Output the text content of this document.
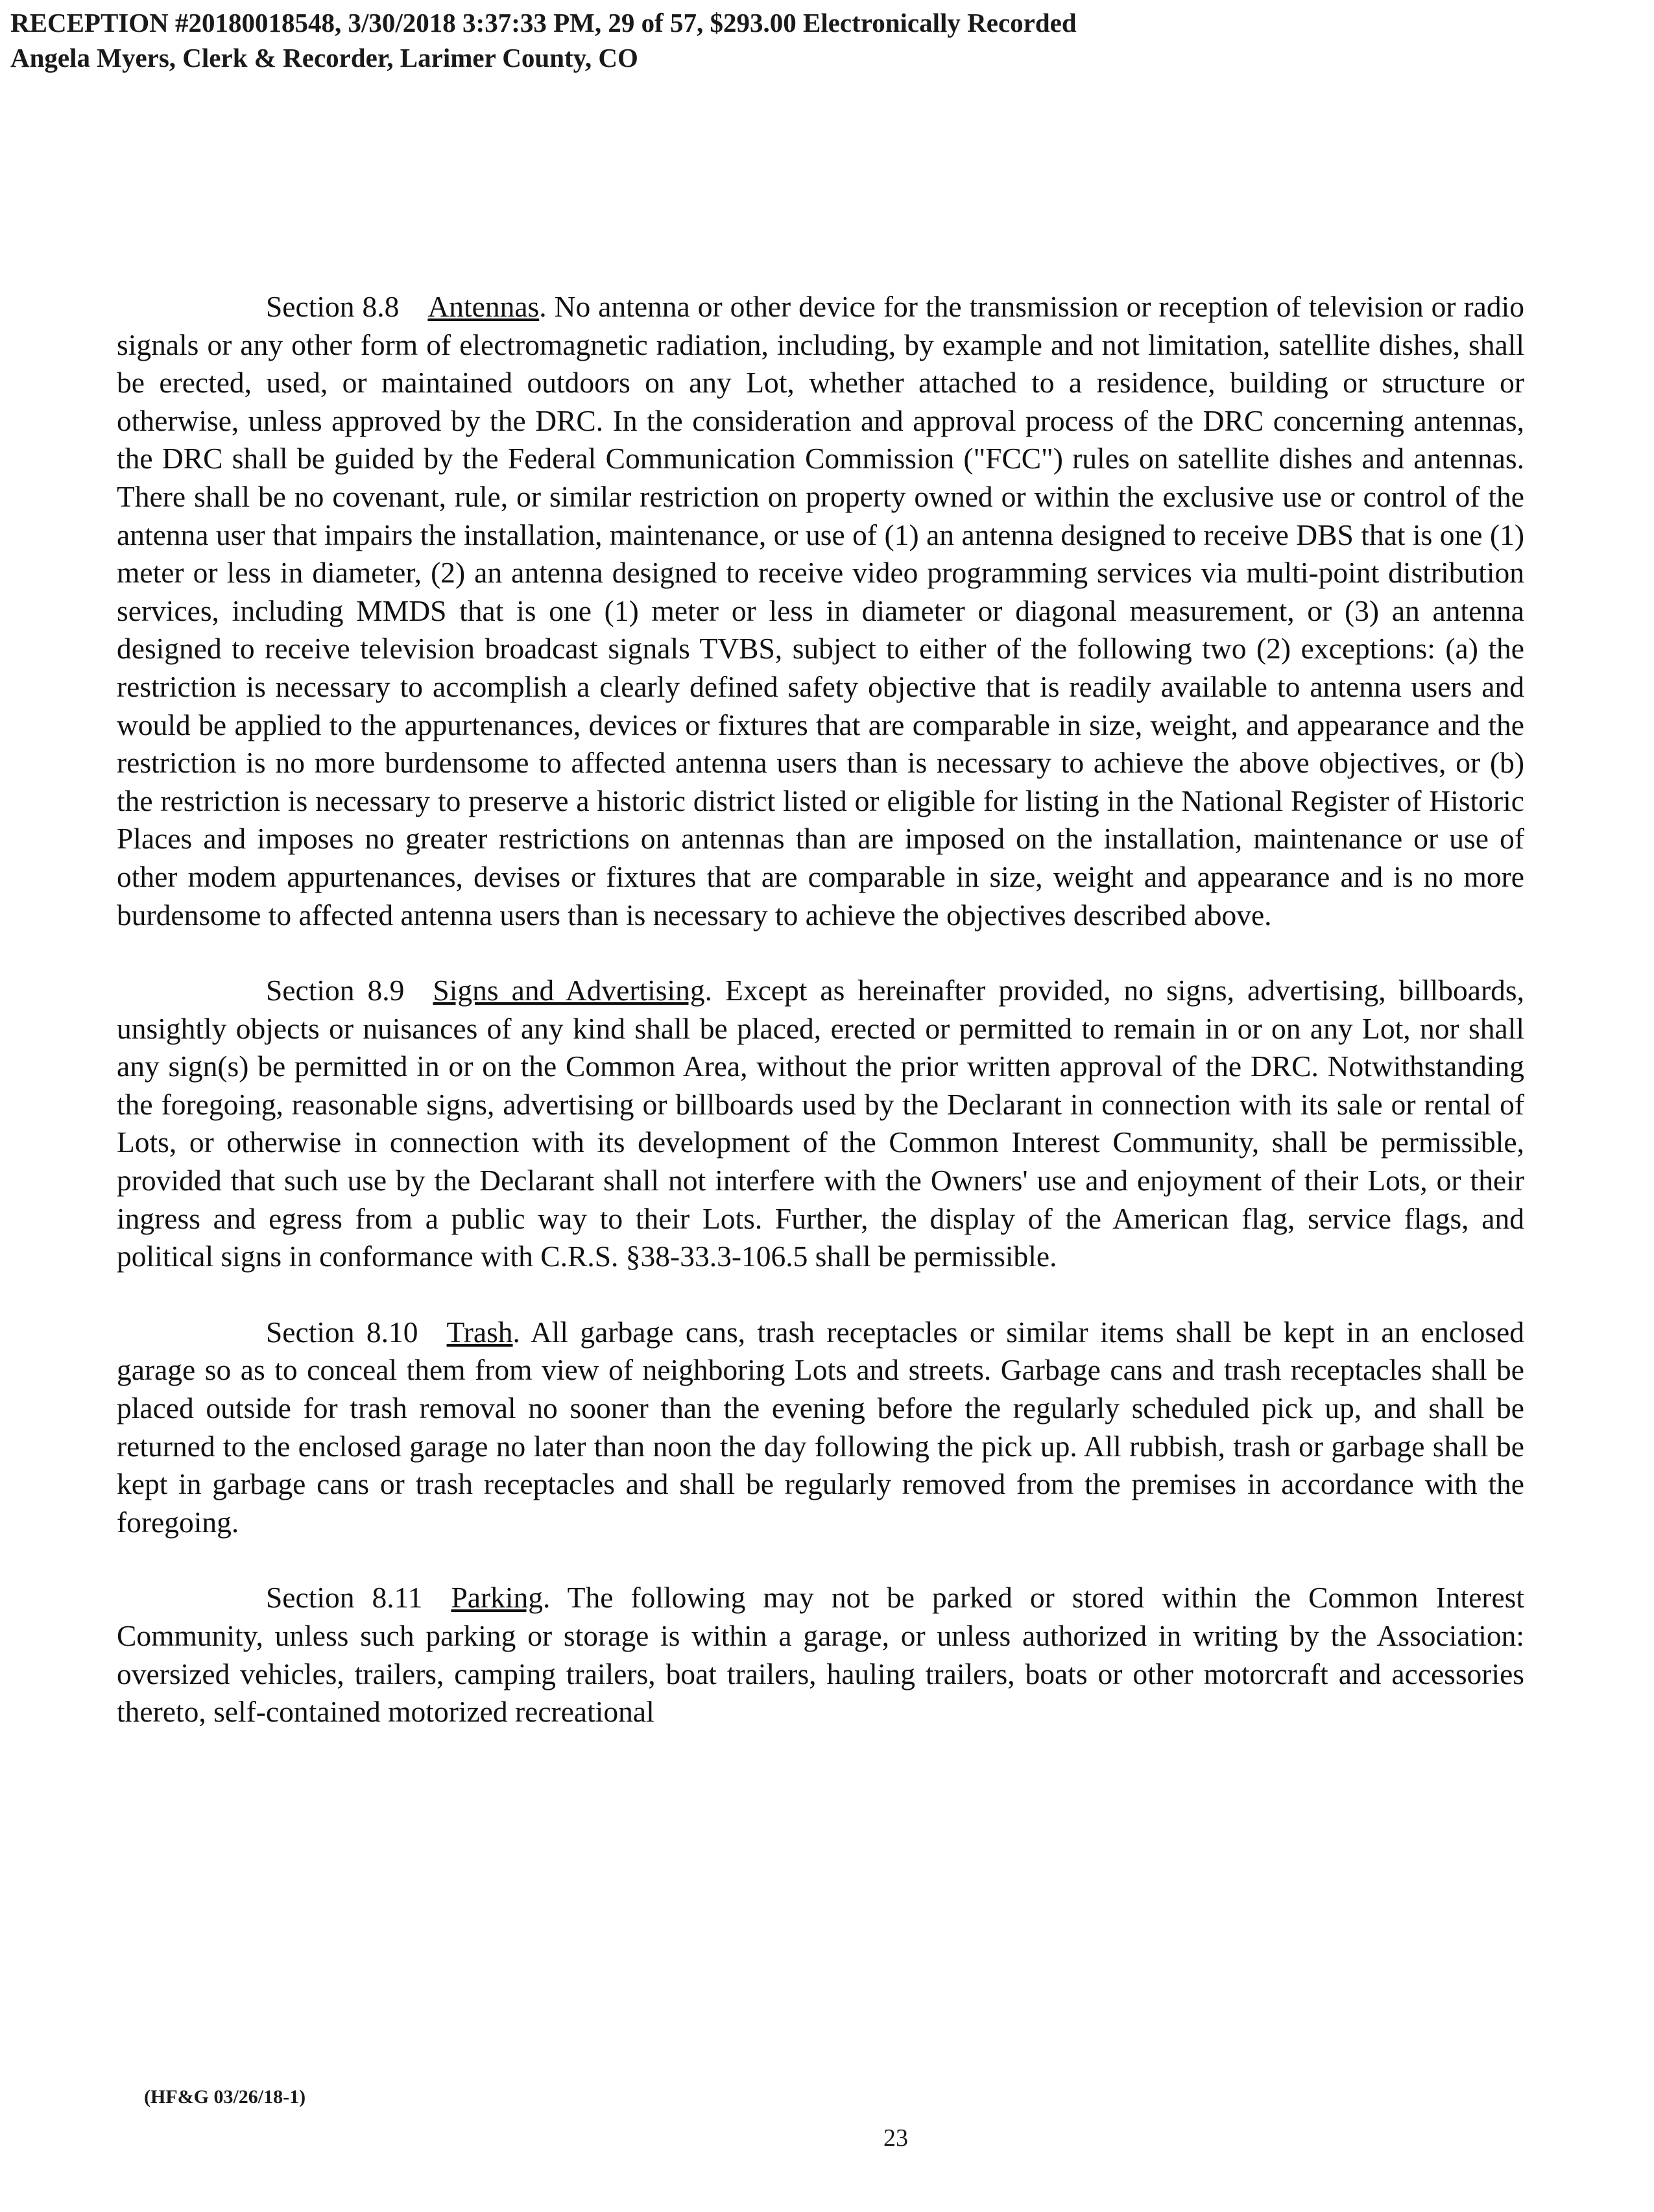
RECEPTION #20180018548, 3/30/2018 3:37:33 PM, 29 of 57, $293.00 Electronically Recorded
Angela Myers, Clerk & Recorder, Larimer County, CO

Section 8.8 Antennas. No antenna or other device for the transmission or reception of television or radio signals or any other form of electromagnetic radiation, including, by example and not limitation, satellite dishes, shall be erected, used, or maintained outdoors on any Lot, whether attached to a residence, building or structure or otherwise, unless approved by the DRC. In the consideration and approval process of the DRC concerning antennas, the DRC shall be guided by the Federal Communication Commission ("FCC") rules on satellite dishes and antennas. There shall be no covenant, rule, or similar restriction on property owned or within the exclusive use or control of the antenna user that impairs the installation, maintenance, or use of (1) an antenna designed to receive DBS that is one (1) meter or less in diameter, (2) an antenna designed to receive video programming services via multi-point distribution services, including MMDS that is one (1) meter or less in diameter or diagonal measurement, or (3) an antenna designed to receive television broadcast signals TVBS, subject to either of the following two (2) exceptions: (a) the restriction is necessary to accomplish a clearly defined safety objective that is readily available to antenna users and would be applied to the appurtenances, devices or fixtures that are comparable in size, weight, and appearance and the restriction is no more burdensome to affected antenna users than is necessary to achieve the above objectives, or (b) the restriction is necessary to preserve a historic district listed or eligible for listing in the National Register of Historic Places and imposes no greater restrictions on antennas than are imposed on the installation, maintenance or use of other modem appurtenances, devises or fixtures that are comparable in size, weight and appearance and is no more burdensome to affected antenna users than is necessary to achieve the objectives described above.

Section 8.9 Signs and Advertising. Except as hereinafter provided, no signs, advertising, billboards, unsightly objects or nuisances of any kind shall be placed, erected or permitted to remain in or on any Lot, nor shall any sign(s) be permitted in or on the Common Area, without the prior written approval of the DRC. Notwithstanding the foregoing, reasonable signs, advertising or billboards used by the Declarant in connection with its sale or rental of Lots, or otherwise in connection with its development of the Common Interest Community, shall be permissible, provided that such use by the Declarant shall not interfere with the Owners' use and enjoyment of their Lots, or their ingress and egress from a public way to their Lots. Further, the display of the American flag, service flags, and political signs in conformance with C.R.S. §38-33.3-106.5 shall be permissible.

Section 8.10 Trash. All garbage cans, trash receptacles or similar items shall be kept in an enclosed garage so as to conceal them from view of neighboring Lots and streets. Garbage cans and trash receptacles shall be placed outside for trash removal no sooner than the evening before the regularly scheduled pick up, and shall be returned to the enclosed garage no later than noon the day following the pick up. All rubbish, trash or garbage shall be kept in garbage cans or trash receptacles and shall be regularly removed from the premises in accordance with the foregoing.

Section 8.11 Parking. The following may not be parked or stored within the Common Interest Community, unless such parking or storage is within a garage, or unless authorized in writing by the Association: oversized vehicles, trailers, camping trailers, boat trailers, hauling trailers, boats or other motorcraft and accessories thereto, self-contained motorized recreational

(HF&G 03/26/18-1)
23
